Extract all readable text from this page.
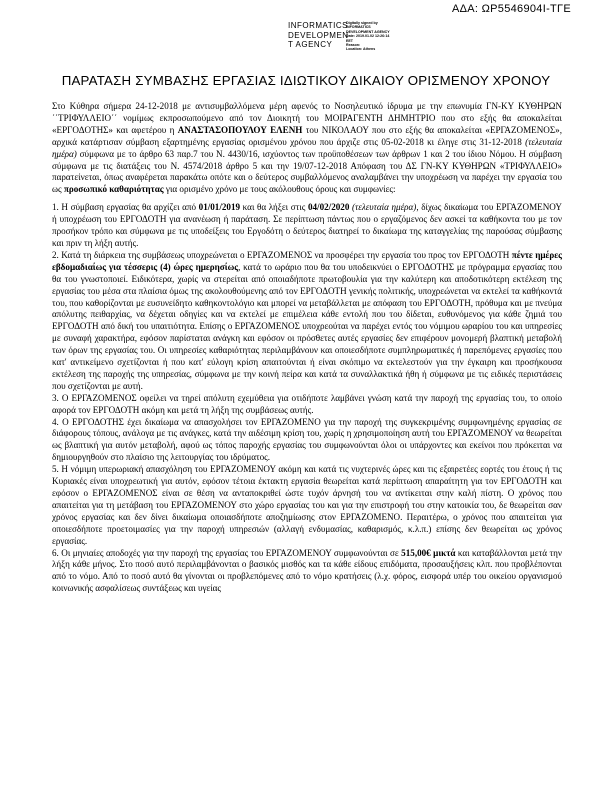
ΑΔΑ: ΩΡ5546904Ι-ΤΓΕ
INFORMATICS
DEVELOPMEN
T AGENCY
Digitally signed by
INFORMATICS
DEVELOPMENT AGENCY
Date: 2019.01.02 12:26:14
EET
Reason:
Location: Athens
ΠΑΡΑΤΑΣΗ ΣΥΜΒΑΣΗΣ ΕΡΓΑΣΙΑΣ ΙΔΙΩΤΙΚΟΥ ΔΙΚΑΙΟΥ ΟΡΙΣΜΕΝΟΥ ΧΡΟΝΟΥ

Στο Κύθηρα σήμερα 24-12-2018 με αντισυμβαλλόμενα μέρη αφενός το Νοσηλευτικό ίδρυμα με την επωνυμία ΓΝ-ΚΥ ΚΥΘΗΡΩΝ ΄΄ΤΡΙΦΥΛΛΕΙΟ΄΄ νομίμως εκπροσωπούμενο από τον Διοικητή του ΜΟΙΡΑΓΕΝΤΗ ΔΗΜΗΤΡΙΟ που στο εξής θα αποκαλείται «ΕΡΓΟΔΟΤΗΣ» και αφετέρου η ΑΝΑΣΤΑΣΟΠΟΥΛΟΥ ΕΛΕΝΗ του ΝΙΚΟΛΑΟΥ που στο εξής θα αποκαλείται «ΕΡΓΑΖΟΜΕΝΟΣ», αρχικά κατάρτισαν σύμβαση εξαρτημένης εργασίας ορισμένου χρόνου που άρχιζε στις 05-02-2018 κι έληγε στις 31-12-2018 (τελευταία ημέρα) σύμφωνα με το άρθρο 63 παρ.7 του Ν. 4430/16, ισχύοντος των προϋποθέσεων των άρθρων 1 και 2 του ίδιου Νόμου. Η σύμβαση σύμφωνα με τις διατάξεις του Ν. 4574/2018 άρθρο 5 και την 19/07-12-2018 Απόφαση του ΔΣ ΓΝ-ΚΥ ΚΥΘΗΡΩΝ «ΤΡΙΦΥΛΛΕΙΟ» παρατείνεται, όπως αναφέρεται παρακάτω οπότε και ο δεύτερος συμβαλλόμενος αναλαμβάνει την υποχρέωση να παρέχει την εργασία του ως προσωπικό καθαριότητας για ορισμένο χρόνο με τους ακόλουθους όρους και συμφωνίες:

1. Η σύμβαση εργασίας θα αρχίζει από 01/01/2019 και θα λήξει στις 04/02/2020 (τελευταία ημέρα), δίχως δικαίωμα του ΕΡΓΑΖΟΜΕΝΟΥ ή υποχρέωση του ΕΡΓΟΔΟΤΗ για ανανέωση ή παράταση. Σε περίπτωση πάντως που ο εργαζόμενος δεν ασκεί τα καθήκοντα του με τον προσήκον τρόπο και σύμφωνα με τις υποδείξεις του Εργοδότη ο δεύτερος διατηρεί το δικαίωμα της καταγγελίας της παρούσας σύμβασης και πριν τη λήξη αυτής.

2. Κατά τη διάρκεια της συμβάσεως υποχρεώνεται ο ΕΡΓΑΖΟΜΕΝΟΣ να προσφέρει την εργασία του προς τον ΕΡΓΟΔΟΤΗ πέντε ημέρες εβδομαδιαίως για τέσσερις (4) ώρες ημερησίως, κατά το ωράριο που θα του υποδεικνύει ο ΕΡΓΟΔΟΤΗΣ με πρόγραμμα εργασίας που θα του γνωστοποιεί. Ειδικότερα, χωρίς να στερείται από οποιαδήποτε πρωτοβουλία για την καλύτερη και αποδοτικότερη εκτέλεση της εργασίας του μέσα στα πλαίσια όμως της ακολουθούμενης από τον ΕΡΓΟΔΟΤΗ γενικής πολιτικής, υποχρεώνεται να εκτελεί τα καθήκοντά του, που καθορίζονται με ευσυνείδητο καθηκοντολόγιο και μπορεί να μεταβάλλεται με απόφαση του ΕΡΓΟΔΟΤΗ, πρόθυμα και με πνεύμα απόλυτης πειθαρχίας, να δέχεται οδηγίες και να εκτελεί με επιμέλεια κάθε εντολή που του δίδεται, ευθυνόμενος για κάθε ζημιά του ΕΡΓΟΔΟΤΗ από δική του υπαιτιότητα. Επίσης ο ΕΡΓΑΖΟΜΕΝΟΣ υποχρεούται να παρέχει εντός του νόμιμου ωραρίου του και υπηρεσίες με συναφή χαρακτήρα, εφόσον παρίσταται ανάγκη και εφόσον οι πρόσθετες αυτές εργασίες δεν επιφέρουν μονομερή βλαπτική μεταβολή των όρων της εργασίας του. Οι υπηρεσίες καθαριότητας περιλαμβάνουν και οποιεσδήποτε συμπληρωματικές ή παρεπόμενες εργασίες που κατ' αντικείμενο σχετίζονται ή που κατ' εύλογη κρίση απαιτούνται ή είναι σκόπιμο να εκτελεστούν για την έγκαιρη και προσήκουσα εκτέλεση της παροχής της υπηρεσίας, σύμφωνα με την κοινή πείρα και κατά τα συναλλακτικά ήθη ή σύμφωνα με τις ειδικές περιστάσεις που σχετίζονται με αυτή.

3. Ο ΕΡΓΑΖΟΜΕΝΟΣ οφείλει να τηρεί απόλυτη εχεμύθεια για οτιδήποτε λαμβάνει γνώση κατά την παροχή της εργασίας του, το οποίο αφορά τον ΕΡΓΟΔΟΤΗ ακόμη και μετά τη λήξη της συμβάσεως αυτής.

4. Ο ΕΡΓΟΔΟΤΗΣ έχει δικαίωμα να απασχολήσει τον ΕΡΓΑΖΟΜΕΝΟ για την παροχή της συγκεκριμένης συμφωνημένης εργασίας σε διάφορους τόπους, ανάλογα με τις ανάγκες, κατά την αιδέσιμη κρίση του, χωρίς η χρησιμοποίηση αυτή του ΕΡΓΑΖΟΜΕΝΟΥ να θεωρείται ως βλαπτική για αυτόν μεταβολή, αφού ως τόπος παροχής εργασίας του συμφωνούνται όλοι οι υπάρχοντες και εκείνοι που πρόκειται να δημιουργηθούν στο πλαίσιο της λειτουργίας του ιδρύματος.

5. Η νόμιμη υπερωριακή απασχόληση του ΕΡΓΑΖΟΜΕΝΟΥ ακόμη και κατά τις νυχτερινές ώρες και τις εξαιρετέες εορτές του έτους ή τις Κυριακές είναι υποχρεωτική για αυτόν, εφόσον τέτοια έκτακτη εργασία θεωρείται κατά περίπτωση απαραίτητη για τον ΕΡΓΟΔΟΤΗ και εφόσον ο ΕΡΓΑΖΟΜΕΝΟΣ είναι σε θέση να ανταποκριθεί ώστε τυχόν άρνησή του να αντίκειται στην καλή πίστη. Ο χρόνος που απαιτείται για τη μετάβαση του ΕΡΓΑΖΟΜΕΝΟΥ στο χώρο εργασίας του και για την επιστροφή του στην κατοικία του, δε θεωρείται σαν χρόνος εργασίας και δεν δίνει δικαίωμα οποιασδήποτε αποζημίωσης στον ΕΡΓΑΖΟΜΕΝΟ. Περαιτέρω, ο χρόνος που απαιτείται για οποιεσδήποτε προετοιμασίες για την παροχή υπηρεσιών (αλλαγή ενδυμασίας, καθαρισμός, κ.λ.π.) επίσης δεν θεωρείται ως χρόνος εργασίας.

6. Οι μηνιαίες αποδοχές για την παροχή της εργασίας του ΕΡΓΑΖΟΜΕΝΟΥ συμφωνούνται σε 515,00€ μικτά και καταβάλλονται μετά την λήξη κάθε μήνος. Στο ποσό αυτό περιλαμβάνονται ο βασικός μισθός και τα κάθε είδους επιδόματα, προσαυξήσεις κλπ. που προβλέπονται από το νόμο. Από το ποσό αυτό θα γίνονται οι προβλεπόμενες από το νόμο κρατήσεις (λ.χ. φόρος, εισφορά υπέρ του οικείου οργανισμού κοινωνικής ασφαλίσεως συντάξεως και υγείας
